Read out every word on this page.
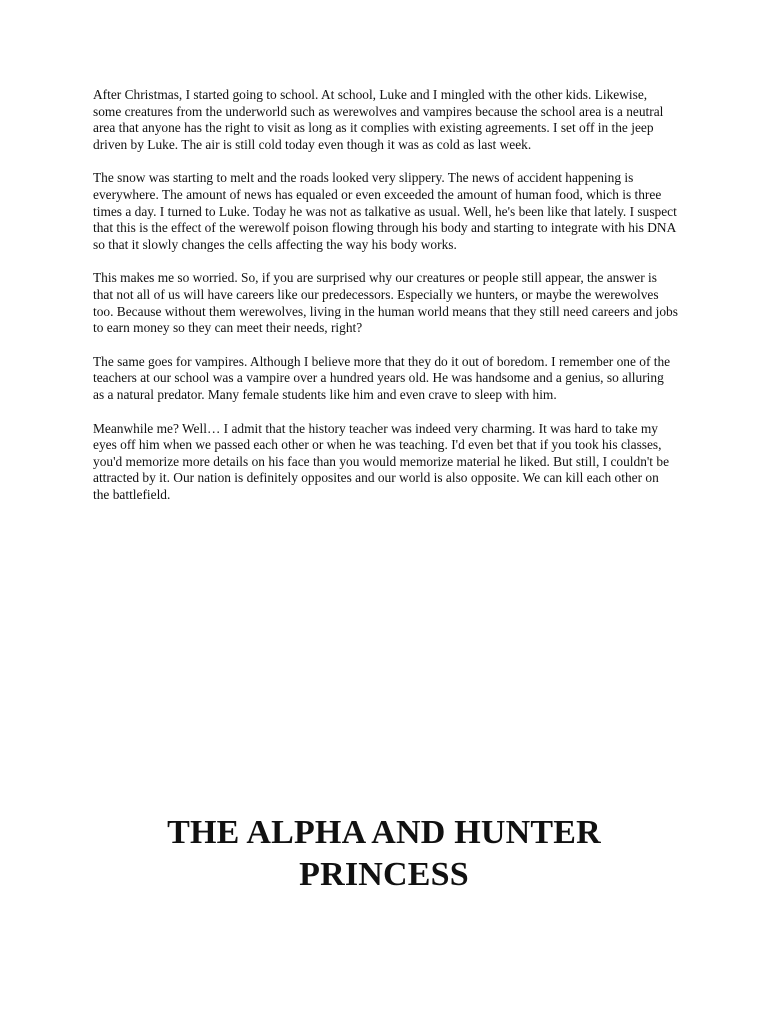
After Christmas, I started going to school. At school, Luke and I mingled with the other kids. Likewise, some creatures from the underworld such as werewolves and vampires because the school area is a neutral area that anyone has the right to visit as long as it complies with existing agreements. I set off in the jeep driven by Luke. The air is still cold today even though it was as cold as last week.

The snow was starting to melt and the roads looked very slippery. The news of accident happening is everywhere. The amount of news has equaled or even exceeded the amount of human food, which is three times a day. I turned to Luke. Today he was not as talkative as usual. Well, he's been like that lately. I suspect that this is the effect of the werewolf poison flowing through his body and starting to integrate with his DNA so that it slowly changes the cells affecting the way his body works.

This makes me so worried. So, if you are surprised why our creatures or people still appear, the answer is that not all of us will have careers like our predecessors. Especially we hunters, or maybe the werewolves too. Because without them werewolves, living in the human world means that they still need careers and jobs to earn money so they can meet their needs, right?

The same goes for vampires. Although I believe more that they do it out of boredom. I remember one of the teachers at our school was a vampire over a hundred years old. He was handsome and a genius, so alluring as a natural predator. Many female students like him and even crave to sleep with him.

Meanwhile me? Well… I admit that the history teacher was indeed very charming. It was hard to take my eyes off him when we passed each other or when he was teaching. I'd even bet that if you took his classes, you'd memorize more details on his face than you would memorize material he liked. But still, I couldn't be attracted by it. Our nation is definitely opposites and our world is also opposite. We can kill each other on the battlefield.

THE ALPHA AND HUNTER
PRINCESS
